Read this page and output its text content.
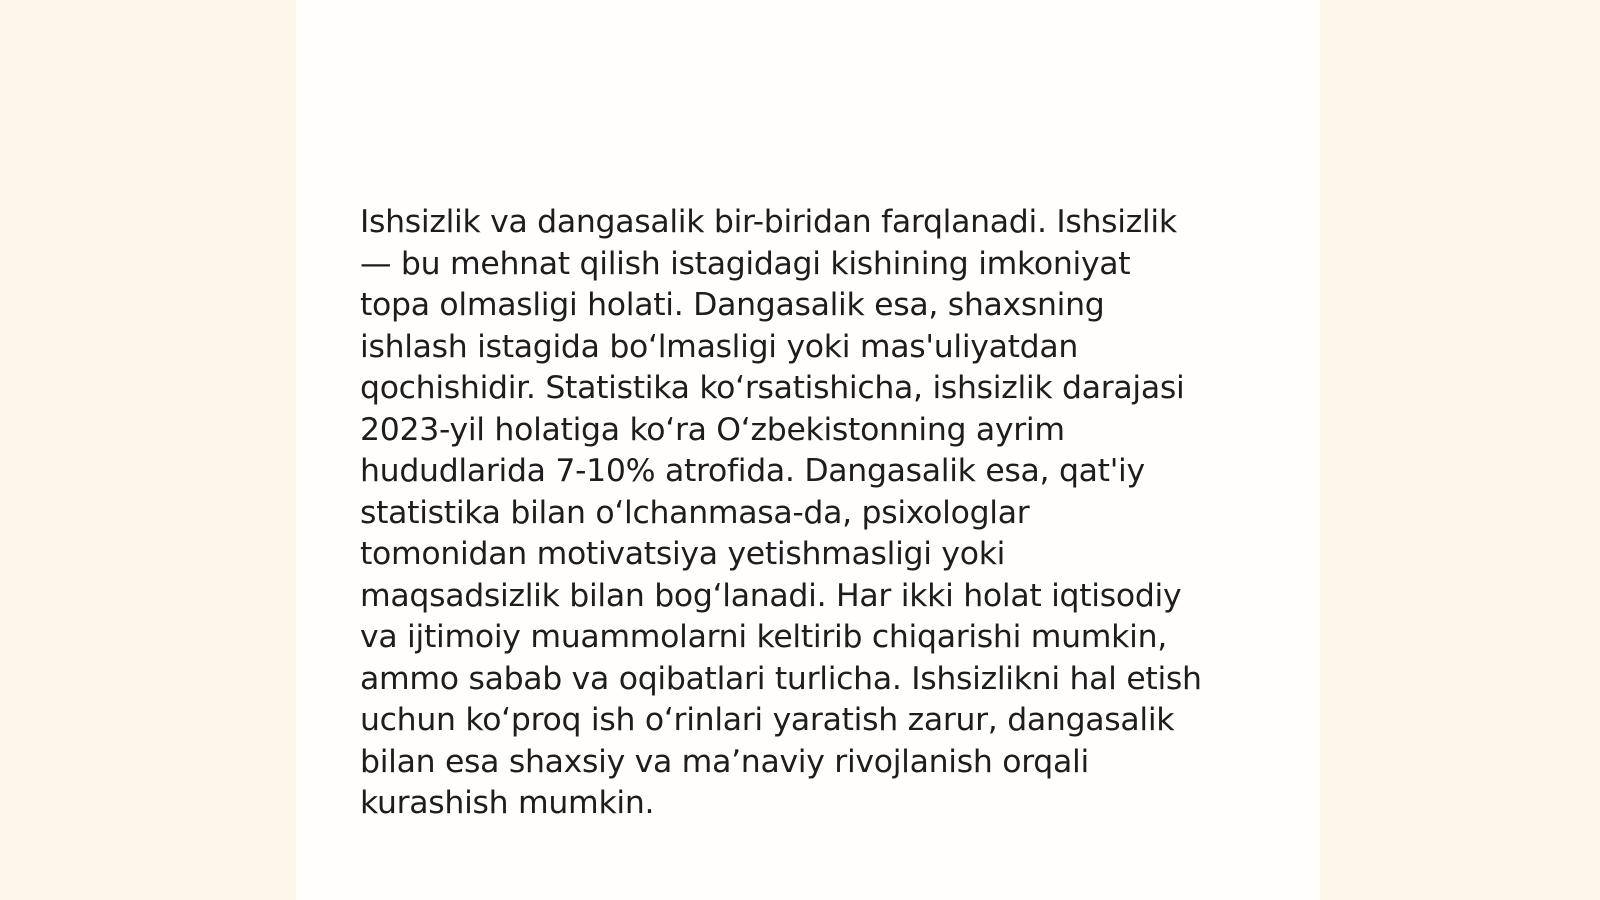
Ishsizlik va dangasalik bir-biridan farqlanadi. Ishsizlik
— bu mehnat qilish istagidagi kishining imkoniyat
topa olmasligi holati. Dangasalik esa, shaxsning
ishlash istagida boʻlmasligi yoki mas'uliyatdan
qochishidir. Statistika koʻrsatishicha, ishsizlik darajasi
2023-yil holatiga koʻra Oʻzbekistonning ayrim
hududlarida 7-10% atrofida. Dangasalik esa, qat'iy
statistika bilan oʻlchanmasa-da, psixologlar
tomonidan motivatsiya yetishmasligi yoki
maqsadsizlik bilan bogʻlanadi. Har ikki holat iqtisodiy
va ijtimoiy muammolarni keltirib chiqarishi mumkin,
ammo sabab va oqibatlari turlicha. Ishsizlikni hal etish
uchun koʻproq ish oʻrinlari yaratish zarur, dangasalik
bilan esa shaxsiy va maʼnaviy rivojlanish orqali
kurashish mumkin.
